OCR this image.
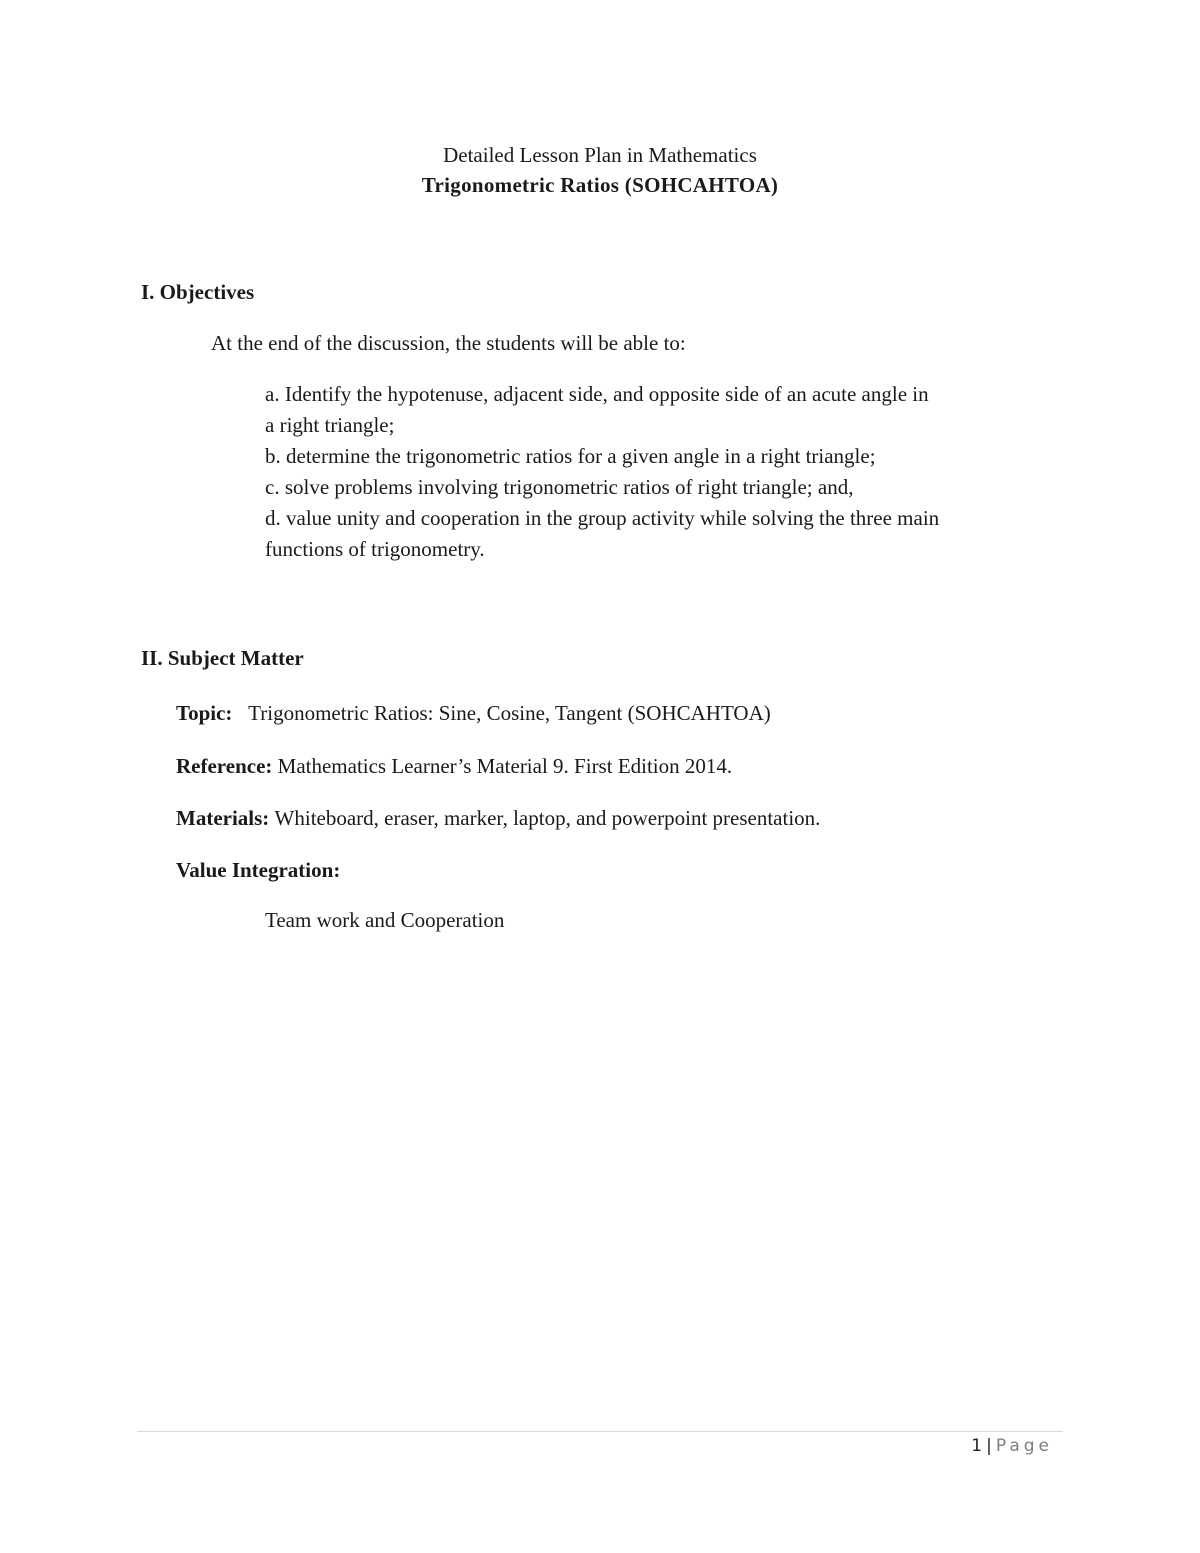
Detailed Lesson Plan in Mathematics
Trigonometric Ratios (SOHCAHTOA)
I. Objectives
At the end of the discussion, the students will be able to:
a. Identify the hypotenuse, adjacent side, and opposite side of an acute angle in
a right triangle;
b. determine the trigonometric ratios for a given angle in a right triangle;
c. solve problems involving trigonometric ratios of right triangle; and,
d. value unity and cooperation in the group activity while solving the three main
functions of trigonometry.
II. Subject Matter
Topic: Trigonometric Ratios: Sine, Cosine, Tangent (SOHCAHTOA)
Reference: Mathematics Learner’s Material 9. First Edition 2014.
Materials: Whiteboard, eraser, marker, laptop, and powerpoint presentation.
Value Integration:
Team work and Cooperation
1 | Page
